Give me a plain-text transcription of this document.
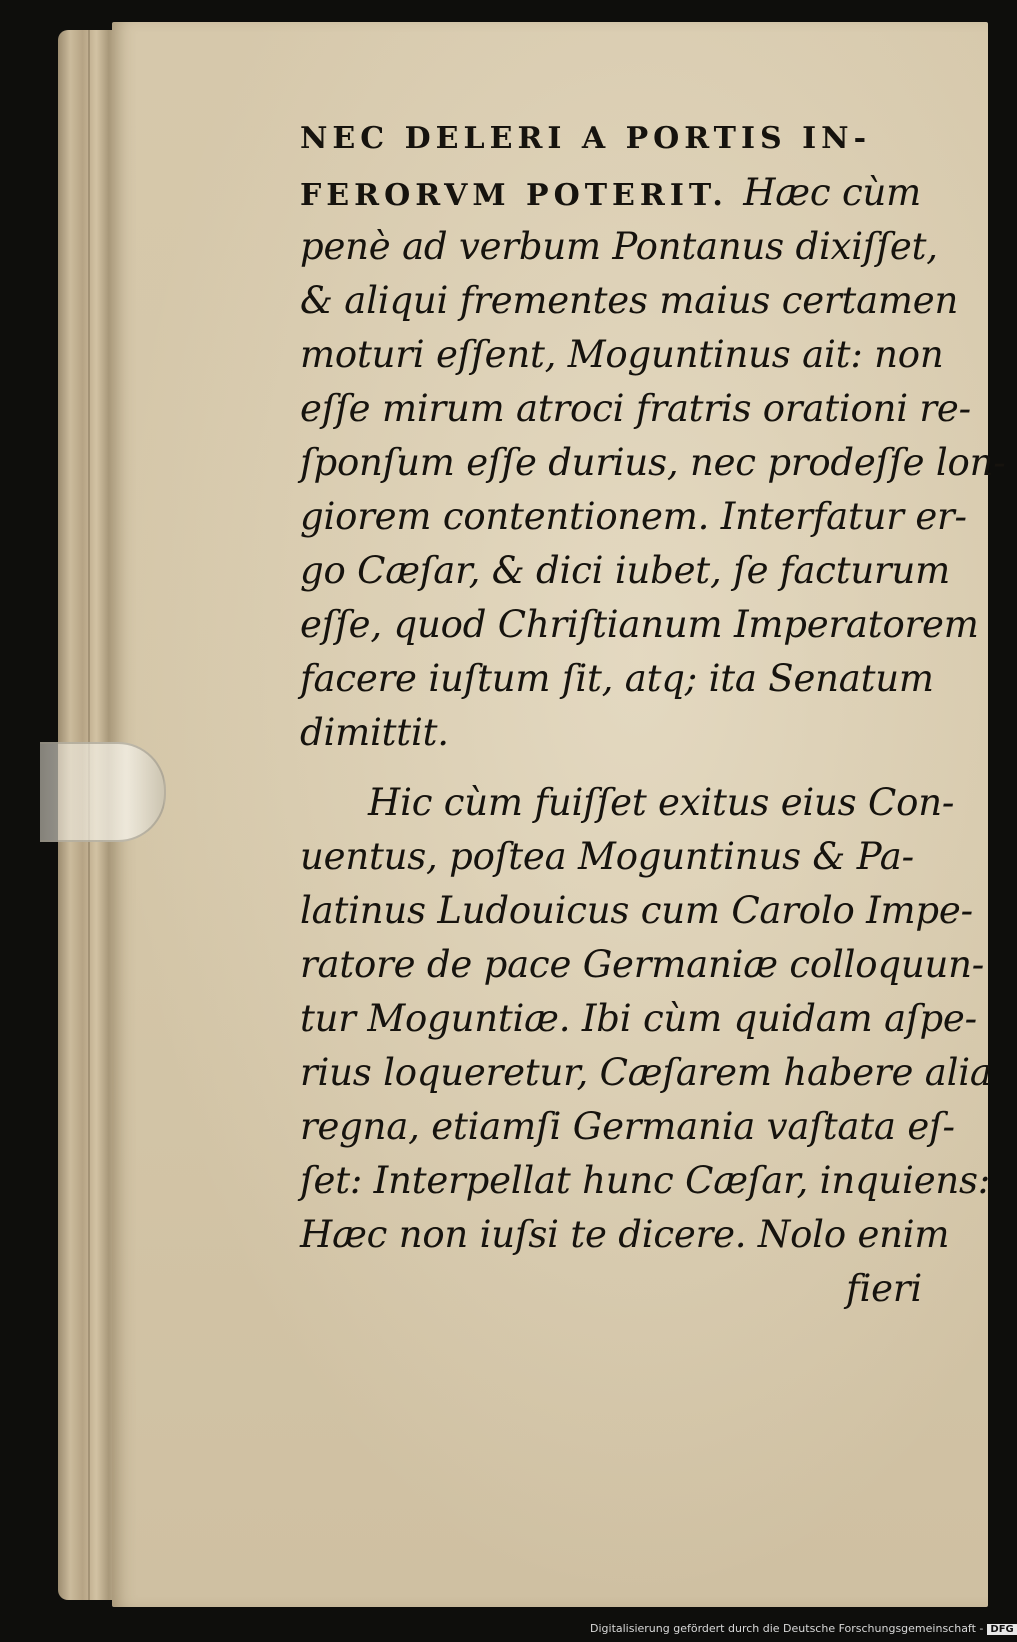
NEC DELERI A PORTIS IN-
FERORVM POTERIT. Hæc cùm
penè ad verbum Pontanus dixiſſet,
& aliqui frementes maius certamen
moturi eſſent, Moguntinus ait: non
eſſe mirum atroci fratris orationi re-
ſponſum eſſe durius, nec prodeſſe lon-
giorem contentionem. Interfatur er-
go Cæſar, & dici iubet, ſe facturum
eſſe, quod Chriſtianum Imperatorem
facere iuſtum ſit, atq; ita Senatum
dimittit.
Hic cùm fuiſſet exitus eius Con-
uentus, poſtea Moguntinus & Pa-
latinus Ludouicus cum Carolo Impe-
ratore de pace Germaniæ colloquun-
tur Moguntiæ. Ibi cùm quidam aſpe-
rius loqueretur, Cæſarem habere alia
regna, etiamſi Germania vaſtata eſ-
ſet: Interpellat hunc Cæſar, inquiens:
Hæc non iuſsi te dicere. Nolo enim
fieri
Digitalisierung gefördert durch die Deutsche Forschungsgemeinschaft - DFG
